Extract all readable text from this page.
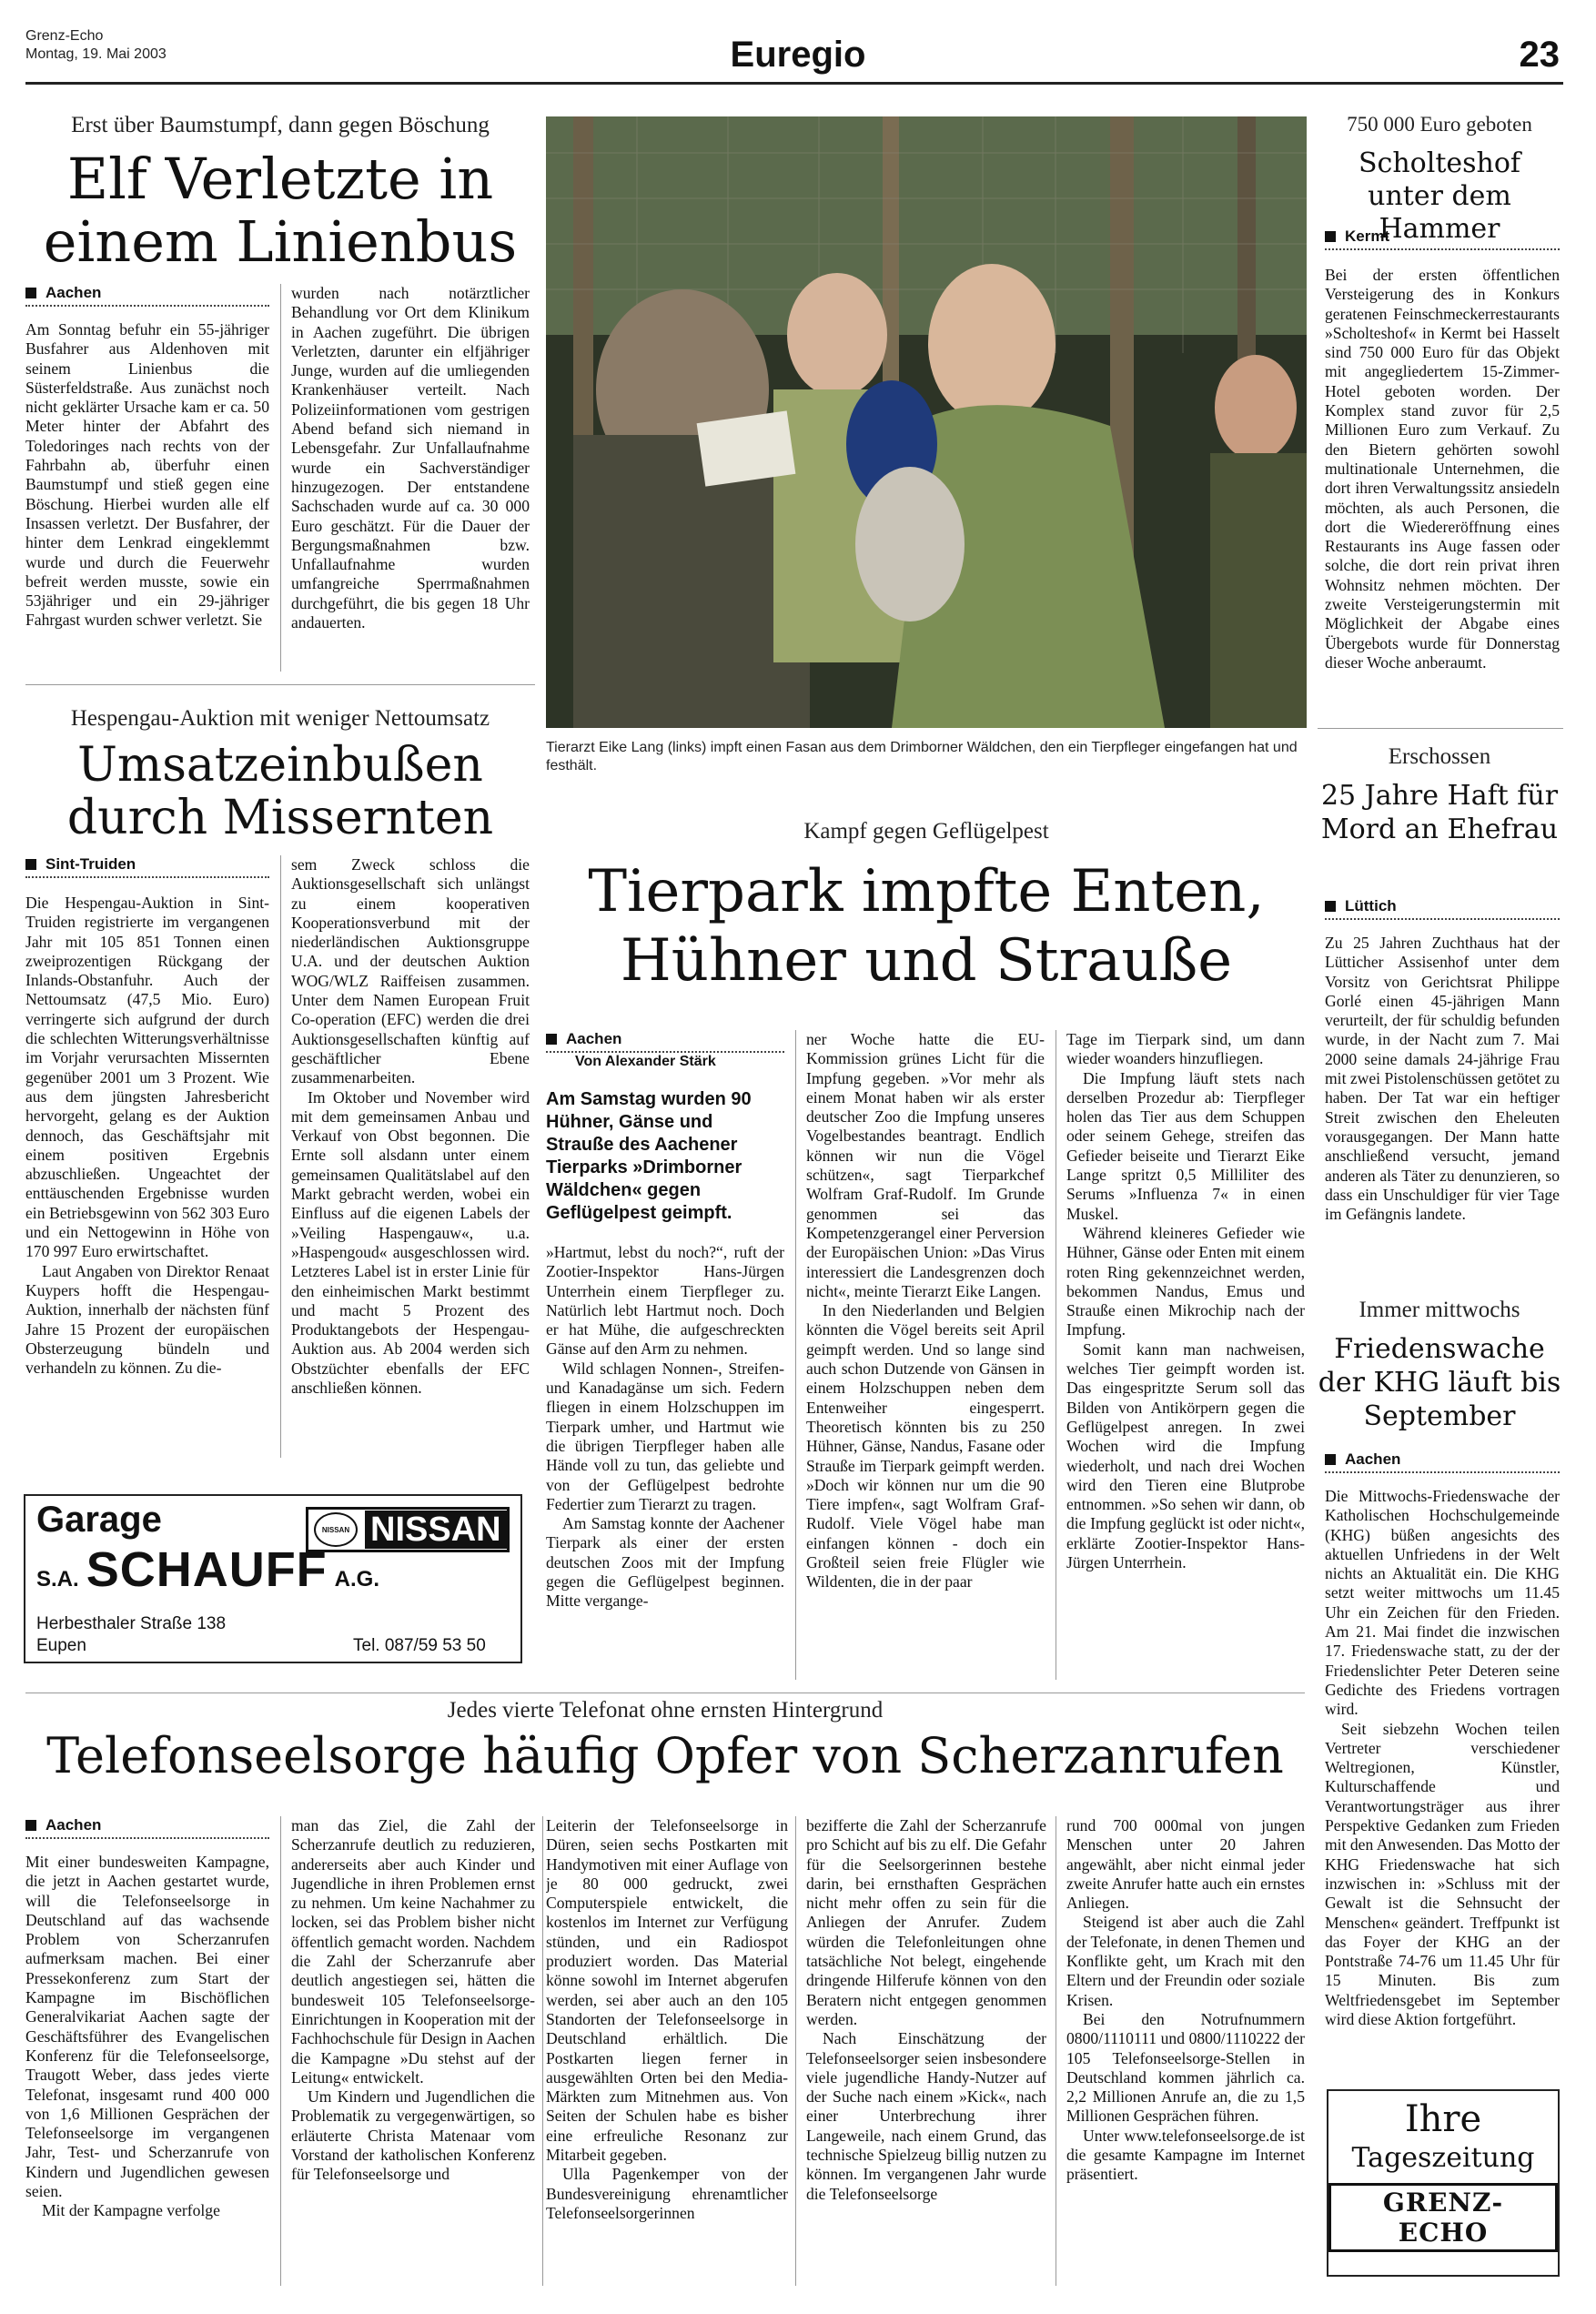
Grenz-Echo
Montag, 19. Mai 2003	Euregio	23
Erst über Baumstumpf, dann gegen Böschung
Elf Verletzte in einem Linienbus
Aachen

Am Sonntag befuhr ein 55-jähriger Busfahrer aus Aldenhoven mit seinem Linienbus die Süsterfeldstraße. Aus zunächst noch nicht geklärter Ursache kam er ca. 50 Meter hinter der Abfahrt des Toledoringes nach rechts von der Fahrbahn ab, überfuhr einen Baumstumpf und stieß gegen eine Böschung. Hierbei wurden alle elf Insassen verletzt. Der Busfahrer, der hinter dem Lenkrad eingeklemmt wurde und durch die Feuerwehr befreit werden musste, sowie ein 53jähriger und ein 29-jähriger Fahrgast wurden schwer verletzt. Sie

wurden nach notärztlicher Behandlung vor Ort dem Klinikum in Aachen zugeführt. Die übrigen Verletzten, darunter ein elfjähriger Junge, wurden auf die umliegenden Krankenhäuser verteilt. Nach Polizeiinformationen vom gestrigen Abend befand sich niemand in Lebensgefahr. Zur Unfallaufnahme wurde ein Sachverständiger hinzugezogen. Der entstandene Sachschaden wurde auf ca. 30 000 Euro geschätzt. Für die Dauer der Bergungsmaßnahmen bzw. Unfallaufnahme wurden umfangreiche Sperrmaßnahmen durchgeführt, die bis gegen 18 Uhr andauerten.

Tierarzt Eike Lang (links) impft einen Fasan aus dem Drimborner Wäldchen, den ein Tierpfleger eingefangen hat und festhält.
750 000 Euro geboten
Scholteshof unter dem Hammer
Kermt

Bei der ersten öffentlichen Versteigerung des in Konkurs geratenen Feinschmeckerrestaurants »Scholteshof« in Kermt bei Hasselt sind 750 000 Euro für das Objekt mit angegliedertem 15-Zimmer-Hotel geboten worden. Der Komplex stand zuvor für 2,5 Millionen Euro zum Verkauf. Zu den Bietern gehörten sowohl multinationale Unternehmen, die dort ihren Verwaltungssitz ansiedeln möchten, als auch Personen, die dort die Wiedereröffnung eines Restaurants ins Auge fassen oder solche, die dort rein privat ihren Wohnsitz nehmen möchten. Der zweite Versteigerungstermin mit Möglichkeit der Abgabe eines Übergebots wurde für Donnerstag dieser Woche anberaumt.

Hespengau-Auktion mit weniger Nettoumsatz
Umsatzeinbußen durch Missernten
Sint-Truiden

Die Hespengau-Auktion in Sint-Truiden registrierte im vergangenen Jahr mit 105 851 Tonnen einen zweiprozentigen Rückgang der Inlands-Obstanfuhr. Auch der Nettoumsatz (47,5 Mio. Euro) verringerte sich aufgrund der durch die schlechten Witterungsverhältnisse im Vorjahr verursachten Missernten gegenüber 2001 um 3 Prozent. Wie aus dem jüngsten Jahresbericht hervorgeht, gelang es der Auktion dennoch, das Geschäftsjahr mit einem positiven Ergebnis abzuschließen. Ungeachtet der enttäuschenden Ergebnisse wurden ein Betriebsgewinn von 562 303 Euro und ein Nettogewinn in Höhe von 170 997 Euro erwirtschaftet.

Laut Angaben von Direktor Renaat Kuypers hofft die Hespengau-Auktion, innerhalb der nächsten fünf Jahre 15 Prozent der europäischen Obsterzeugung bündeln und verhandeln zu können. Zu die-

sem Zweck schloss die Auktionsgesellschaft sich unlängst zu einem kooperativen Kooperationsverbund mit der niederländischen Auktionsgruppe U.A. und der deutschen Auktion WOG/WLZ Raiffeisen zusammen. Unter dem Namen European Fruit Co-operation (EFC) werden die drei Auktionsgesellschaften künftig auf geschäftlicher Ebene zusammenarbeiten.

Im Oktober und November wird mit dem gemeinsamen Anbau und Verkauf von Obst begonnen. Die Ernte soll alsdann unter einem gemeinsamen Qualitätslabel auf den Markt gebracht werden, wobei ein Einfluss auf die eigenen Labels der »Veiling Haspengauw«, u.a. »Haspengoud« ausgeschlossen wird. Letzteres Label ist in erster Linie für den einheimischen Markt bestimmt und macht 5 Prozent des Produktangebots der Hespengau-Auktion aus. Ab 2004 werden sich Obstzüchter ebenfalls der EFC anschließen können.

Garage
S.A. SCHAUFF A.G.
NISSAN NISSAN
Herbesthaler Straße 138
Eupen	Tel. 087/59 53 50
Kampf gegen Geflügelpest
Tierpark impfte Enten, Hühner und Strauße
Aachen
Von Alexander Stärk
Am Samstag wurden 90 Hühner, Gänse und Strauße des Aachener Tierparks »Drimborner Wäldchen« gegen Geflügelpest geimpft.

»Hartmut, lebst du noch?“, ruft der Zootier-Inspektor Hans-Jürgen Unterrhein einem Tierpfleger zu. Natürlich lebt Hartmut noch. Doch er hat Mühe, die aufgeschreckten Gänse auf den Arm zu nehmen.

Wild schlagen Nonnen-, Streifen- und Kanadagänse um sich. Federn fliegen in einem Holzschuppen im Tierpark umher, und Hartmut wie die übrigen Tierpfleger haben alle Hände voll zu tun, das geliebte und von der Geflügelpest bedrohte Federtier zum Tierarzt zu tragen.

Am Samstag konnte der Aachener Tierpark als einer der ersten deutschen Zoos mit der Impfung gegen die Geflügelpest beginnen. Mitte vergange-

ner Woche hatte die EU-Kommission grünes Licht für die Impfung gegeben. »Vor mehr als einem Monat haben wir als erster deutscher Zoo die Impfung unseres Vogelbestandes beantragt. Endlich können wir nun die Vögel schützen«, sagt Tierparkchef Wolfram Graf-Rudolf. Im Grunde genommen sei das Kompetenzgerangel einer Perversion der Europäischen Union: »Das Virus interessiert die Landesgrenzen doch nicht«, meinte Tierarzt Eike Langen.

In den Niederlanden und Belgien könnten die Vögel bereits seit April geimpft werden. Und so lange sind auch schon Dutzende von Gänsen in einem Holzschuppen neben dem Entenweiher eingesperrt. Theoretisch könnten bis zu 250 Hühner, Gänse, Nandus, Fasane oder Strauße im Tierpark geimpft werden. »Doch wir können nur um die 90 Tiere impfen«, sagt Wolfram Graf-Rudolf. Viele Vögel habe man einfangen können - doch ein Großteil seien freie Flügler wie Wildenten, die in der paar

Tage im Tierpark sind, um dann wieder woanders hinzufliegen.

Die Impfung läuft stets nach derselben Prozedur ab: Tierpfleger holen das Tier aus dem Schuppen oder seinem Gehege, streifen das Gefieder beiseite und Tierarzt Eike Lange spritzt 0,5 Milliliter des Serums »Influenza 7« in einen Muskel.

Während kleineres Gefieder wie Hühner, Gänse oder Enten mit einem roten Ring gekennzeichnet werden, bekommen Nandus, Emus und Strauße einen Mikrochip nach der Impfung.

Somit kann man nachweisen, welches Tier geimpft worden ist. Das eingespritzte Serum soll das Bilden von Antikörpern gegen die Geflügelpest anregen. In zwei Wochen wird die Impfung wiederholt, und nach drei Wochen wird den Tieren eine Blutprobe entnommen. »So sehen wir dann, ob die Impfung geglückt ist oder nicht«, erklärte Zootier-Inspektor Hans-Jürgen Unterrhein.

Erschossen
25 Jahre Haft für Mord an Ehefrau
Lüttich

Zu 25 Jahren Zuchthaus hat der Lütticher Assisenhof unter dem Vorsitz von Gerichtsrat Philippe Gorlé einen 45-jährigen Mann verurteilt, der für schuldig befunden wurde, in der Nacht zum 7. Mai 2000 seine damals 24-jährige Frau mit zwei Pistolenschüssen getötet zu haben. Der Tat war ein heftiger Streit zwischen den Eheleuten vorausgegangen. Der Mann hatte anschließend versucht, jemand anderen als Täter zu denunzieren, so dass ein Unschuldiger für vier Tage im Gefängnis landete.

Immer mittwochs
Friedenswache der KHG läuft bis September
Aachen

Die Mittwochs-Friedenswache der Katholischen Hochschulgemeinde (KHG) büßen angesichts des aktuellen Unfriedens in der Welt nichts an Aktualität ein. Die KHG setzt weiter mittwochs um 11.45 Uhr ein Zeichen für den Frieden. Am 21. Mai findet die inzwischen 17. Friedenswache statt, zu der der Friedenslichter Peter Deteren seine Gedichte des Friedens vortragen wird.

Seit siebzehn Wochen teilen Vertreter verschiedener Weltregionen, Künstler, Kulturschaffende und Verantwortungsträger aus ihrer Perspektive Gedanken zum Frieden mit den Anwesenden. Das Motto der KHG Friedenswache hat sich inzwischen in: »Schluss mit der Gewalt ist die Sehnsucht der Menschen« geändert. Treffpunkt ist das Foyer der KHG an der Pontstraße 74-76 um 11.45 Uhr für 15 Minuten. Bis zum Weltfriedensgebet im September wird diese Aktion fortgeführt.

Jedes vierte Telefonat ohne ernsten Hintergrund
Telefonseelsorge häufig Opfer von Scherzanrufen
Aachen

Mit einer bundesweiten Kampagne, die jetzt in Aachen gestartet wurde, will die Telefonseelsorge in Deutschland auf das wachsende Problem von Scherzanrufen aufmerksam machen. Bei einer Pressekonferenz zum Start der Kampagne im Bischöflichen Generalvikariat Aachen sagte der Geschäftsführer des Evangelischen Konferenz für die Telefonseelsorge, Traugott Weber, dass jedes vierte Telefonat, insgesamt rund 400 000 von 1,6 Millionen Gesprächen der Telefonseelsorge im vergangenen Jahr, Test- und Scherzanrufe von Kindern und Jugendlichen gewesen seien.

Mit der Kampagne verfolge

man das Ziel, die Zahl der Scherzanrufe deutlich zu reduzieren, andererseits aber auch Kinder und Jugendliche in ihren Problemen ernst zu nehmen. Um keine Nachahmer zu locken, sei das Problem bisher nicht öffentlich gemacht worden. Nachdem die Zahl der Scherzanrufe aber deutlich angestiegen sei, hätten die bundesweit 105 Telefonseelsorge-Einrichtungen in Kooperation mit der Fachhochschule für Design in Aachen die Kampagne »Du stehst auf der Leitung« entwickelt.

Um Kindern und Jugendlichen die Problematik zu vergegenwärtigen, so erläuterte Christa Matenaar vom Vorstand der katholischen Konferenz für Telefonseelsorge und

Leiterin der Telefonseelsorge in Düren, seien sechs Postkarten mit Handymotiven mit einer Auflage von je 80 000 gedruckt, zwei Computerspiele entwickelt, die kostenlos im Internet zur Verfügung stünden, und ein Radiospot produziert worden. Das Material könne sowohl im Internet abgerufen werden, sei aber auch an den 105 Standorten der Telefonseelsorge in Deutschland erhältlich. Die Postkarten liegen ferner in ausgewählten Orten bei den Media-Märkten zum Mitnehmen aus. Von Seiten der Schulen habe es bisher eine erfreuliche Resonanz zur Mitarbeit gegeben.

Ulla Pagenkemper von der Bundesvereinigung ehrenamtlicher Telefonseelsorgerinnen

bezifferte die Zahl der Scherzanrufe pro Schicht auf bis zu elf. Die Gefahr für die Seelsorgerinnen bestehe darin, bei ernsthaften Gesprächen nicht mehr offen zu sein für die Anliegen der Anrufer. Zudem würden die Telefonleitungen ohne tatsächliche Not belegt, eingehende dringende Hilferufe können von den Beratern nicht entgegen genommen werden.

Nach Einschätzung der Telefonseelsorger seien insbesondere viele jugendliche Handy-Nutzer auf der Suche nach einem »Kick«, nach einer Unterbrechung ihrer Langeweile, nach einem Grund, das technische Spielzeug billig nutzen zu können. Im vergangenen Jahr wurde die Telefonseelsorge

rund 700 000mal von jungen Menschen unter 20 Jahren angewählt, aber nicht einmal jeder zweite Anrufer hatte auch ein ernstes Anliegen.

Steigend ist aber auch die Zahl der Telefonate, in denen Themen und Konflikte geht, um Krach mit den Eltern und der Freundin oder soziale Krisen.

Bei den Notrufnummern 0800/1110111 und 0800/1110222 der 105 Telefonseelsorge-Stellen in Deutschland kommen jährlich ca. 2,2 Millionen Anrufe an, die zu 1,5 Millionen Gesprächen führen.

Unter www.telefonseelsorge.de ist die gesamte Kampagne im Internet präsentiert.

Ihre
Tageszeitung
GRENZ-ECHO
